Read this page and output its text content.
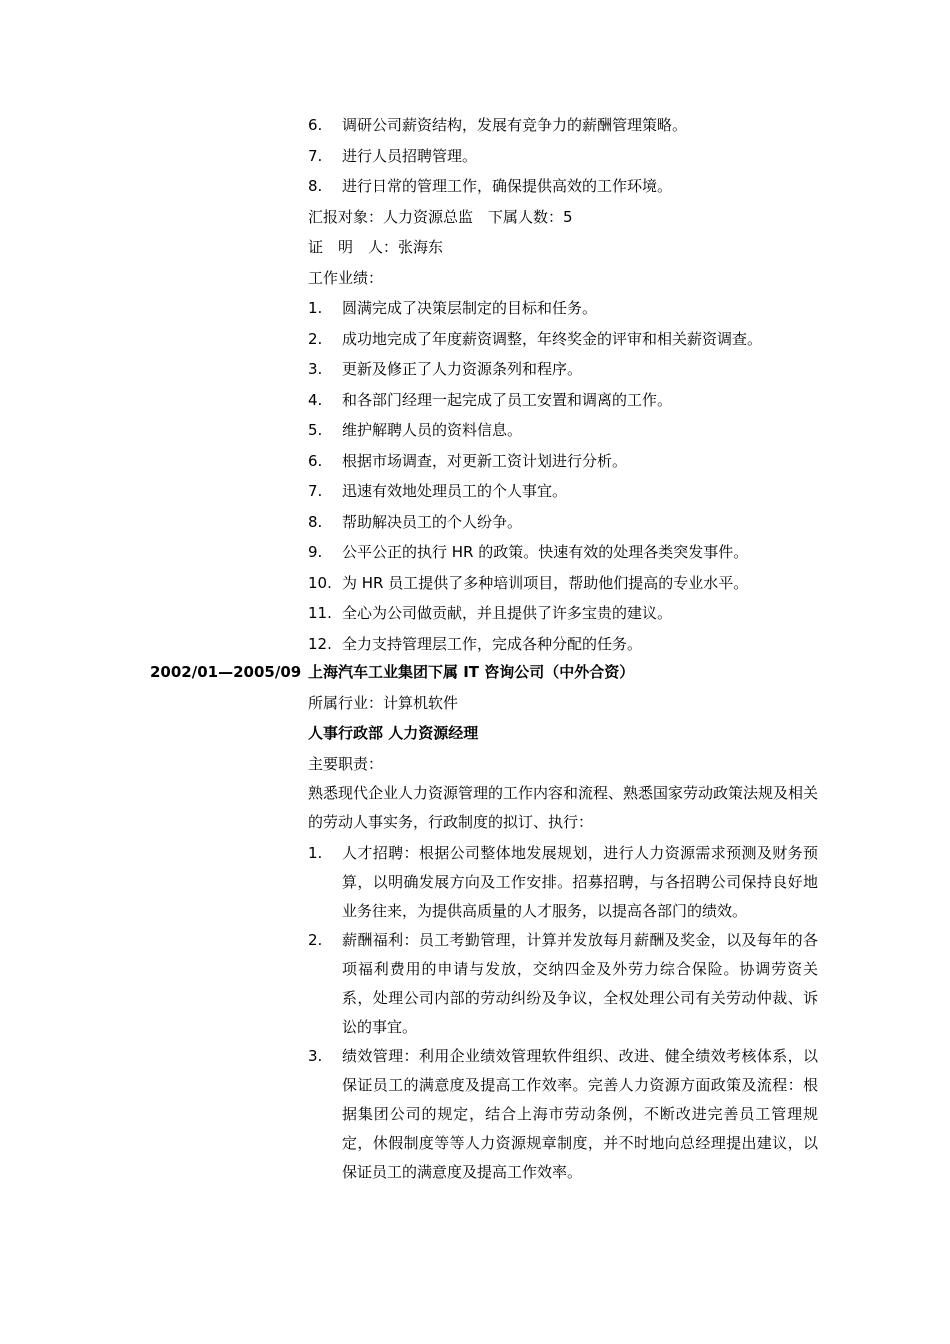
6.	调研公司薪资结构，发展有竞争力的薪酬管理策略。
7.	进行人员招聘管理。
8.	进行日常的管理工作，确保提供高效的工作环境。
汇报对象：人力资源总监　下属人数：5
证　明　人：张海东
工作业绩：
1.	圆满完成了决策层制定的目标和任务。
2.	成功地完成了年度薪资调整，年终奖金的评审和相关薪资调查。
3.	更新及修正了人力资源条列和程序。
4.	和各部门经理一起完成了员工安置和调离的工作。
5.	维护解聘人员的资料信息。
6.	根据市场调查，对更新工资计划进行分析。
7.	迅速有效地处理员工的个人事宜。
8.	帮助解决员工的个人纷争。
9.	公平公正的执行 HR 的政策。快速有效的处理各类突发事件。
10. 为 HR 员工提供了多种培训项目，帮助他们提高的专业水平。
11. 全心为公司做贡献，并且提供了许多宝贵的建议。
12. 全力支持管理层工作，完成各种分配的任务。
2002/01—2005/09 上海汽车工业集团下属 IT 咨询公司（中外合资）
所属行业：计算机软件
人事行政部 人力资源经理
主要职责：
熟悉现代企业人力资源管理的工作内容和流程、熟悉国家劳动政策法规及相关的劳动人事实务，行政制度的拟订、执行：
1.	人才招聘：根据公司整体地发展规划，进行人力资源需求预测及财务预算，以明确发展方向及工作安排。招募招聘，与各招聘公司保持良好地业务往来，为提供高质量的人才服务，以提高各部门的绩效。
2.	薪酬福利：员工考勤管理，计算并发放每月薪酬及奖金，以及每年的各项福利费用的申请与发放，交纳四金及外劳力综合保险。协调劳资关系，处理公司内部的劳动纠纷及争议，全权处理公司有关劳动仲裁、诉讼的事宜。
3.	绩效管理：利用企业绩效管理软件组织、改进、健全绩效考核体系，以保证员工的满意度及提高工作效率。完善人力资源方面政策及流程：根据集团公司的规定，结合上海市劳动条例，不断改进完善员工管理规定，休假制度等等人力资源规章制度，并不时地向总经理提出建议，以保证员工的满意度及提高工作效率。
